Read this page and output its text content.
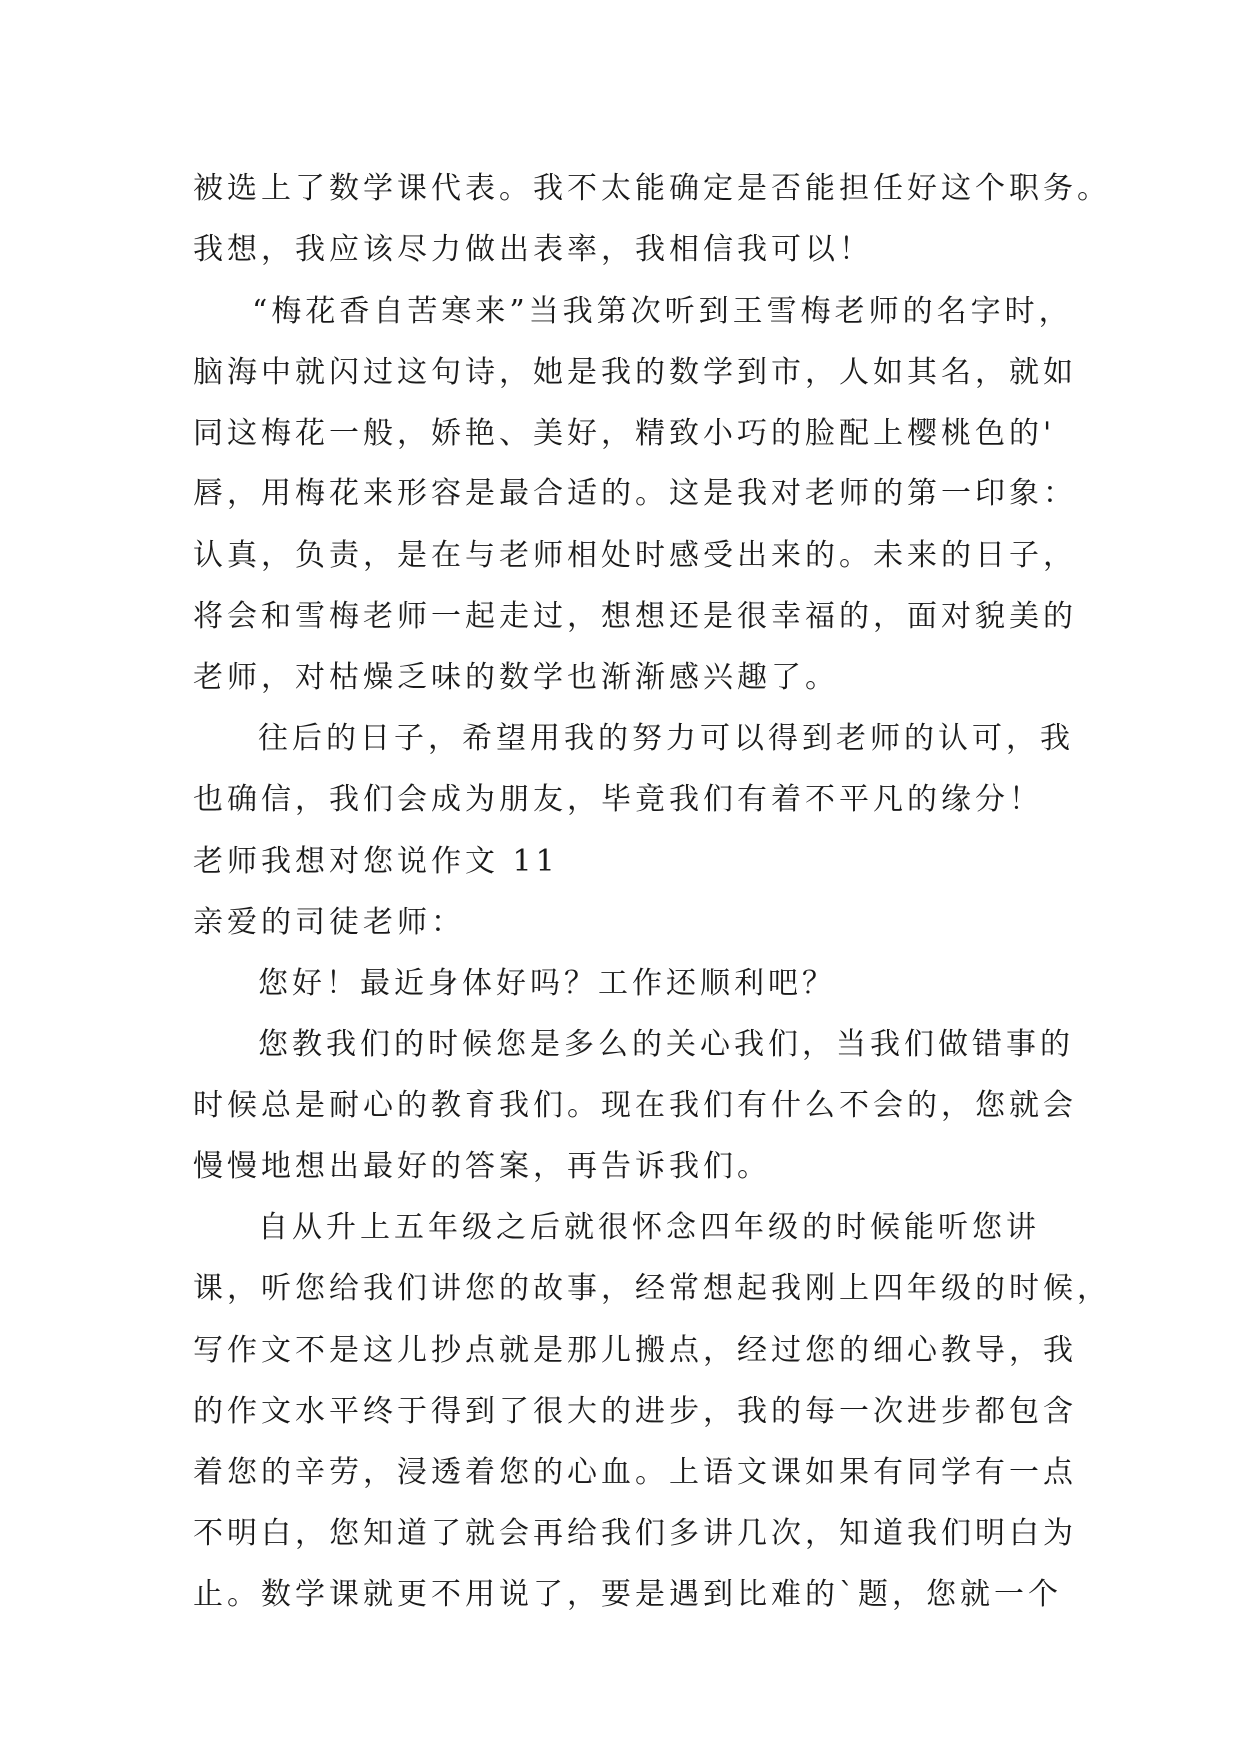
被选上了数学课代表。我不太能确定是否能担任好这个职务。
我想，我应该尽力做出表率，我相信我可以！
“梅花香自苦寒来”当我第次听到王雪梅老师的名字时，
脑海中就闪过这句诗，她是我的数学到市，人如其名，就如
同这梅花一般，娇艳、美好，精致小巧的脸配上樱桃色的'
唇，用梅花来形容是最合适的。这是我对老师的第一印象：
认真，负责，是在与老师相处时感受出来的。未来的日子，
将会和雪梅老师一起走过，想想还是很幸福的，面对貌美的
老师，对枯燥乏味的数学也渐渐感兴趣了。
往后的日子，希望用我的努力可以得到老师的认可，我
也确信，我们会成为朋友，毕竟我们有着不平凡的缘分！
老师我想对您说作文 11
亲爱的司徒老师：
您好！最近身体好吗？工作还顺利吧？
您教我们的时候您是多么的关心我们，当我们做错事的
时候总是耐心的教育我们。现在我们有什么不会的，您就会
慢慢地想出最好的答案，再告诉我们。
自从升上五年级之后就很怀念四年级的时候能听您讲
课，听您给我们讲您的故事，经常想起我刚上四年级的时候，
写作文不是这儿抄点就是那儿搬点，经过您的细心教导，我
的作文水平终于得到了很大的进步，我的每一次进步都包含
着您的辛劳，浸透着您的心血。上语文课如果有同学有一点
不明白，您知道了就会再给我们多讲几次，知道我们明白为
止。数学课就更不用说了，要是遇到比难的`题，您就一个
